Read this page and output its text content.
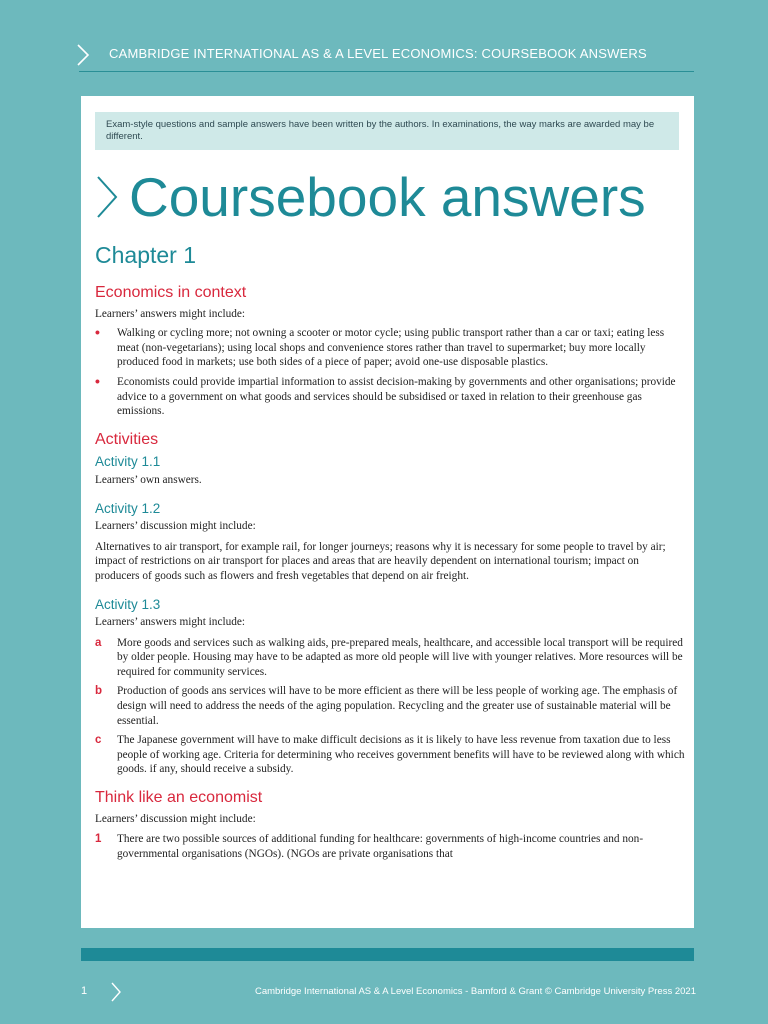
CAMBRIDGE INTERNATIONAL AS & A LEVEL ECONOMICS: COURSEBOOK ANSWERS
Exam-style questions and sample answers have been written by the authors. In examinations, the way marks are awarded may be different.
Coursebook answers
Chapter 1
Economics in context
Learners’ answers might include:
• Walking or cycling more; not owning a scooter or motor cycle; using public transport rather than a car or taxi; eating less meat (non-vegetarians); using local shops and convenience stores rather than travel to supermarket; buy more locally produced food in markets; use both sides of a piece of paper; avoid one-use disposable plastics.
• Economists could provide impartial information to assist decision-making by governments and other organisations; provide advice to a government on what goods and services should be subsidised or taxed in relation to their greenhouse gas emissions.
Activities
Activity 1.1
Learners’ own answers.
Activity 1.2
Learners’ discussion might include:
Alternatives to air transport, for example rail, for longer journeys; reasons why it is necessary for some people to travel by air; impact of restrictions on air transport for places and areas that are heavily dependent on international tourism; impact on producers of goods such as flowers and fresh vegetables that depend on air freight.
Activity 1.3
Learners’ answers might include:
a More goods and services such as walking aids, pre-prepared meals, healthcare, and accessible local transport will be required by older people. Housing may have to be adapted as more old people will live with younger relatives. More resources will be required for community services.
b Production of goods ans services will have to be more efficient as there will be less people of working age. The emphasis of design will need to address the needs of the aging population. Recycling and the greater use of sustainable material will be essential.
c The Japanese government will have to make difficult decisions as it is likely to have less revenue from taxation due to less people of working age. Criteria for determining who receives government benefits will have to be reviewed along with which goods. if any, should receive a subsidy.
Think like an economist
Learners’ discussion might include:
1 There are two possible sources of additional funding for healthcare: governments of high-income countries and non-governmental organisations (NGOs). (NGOs are private organisations that
1	Cambridge International AS & A Level Economics - Bamford & Grant © Cambridge University Press 2021
